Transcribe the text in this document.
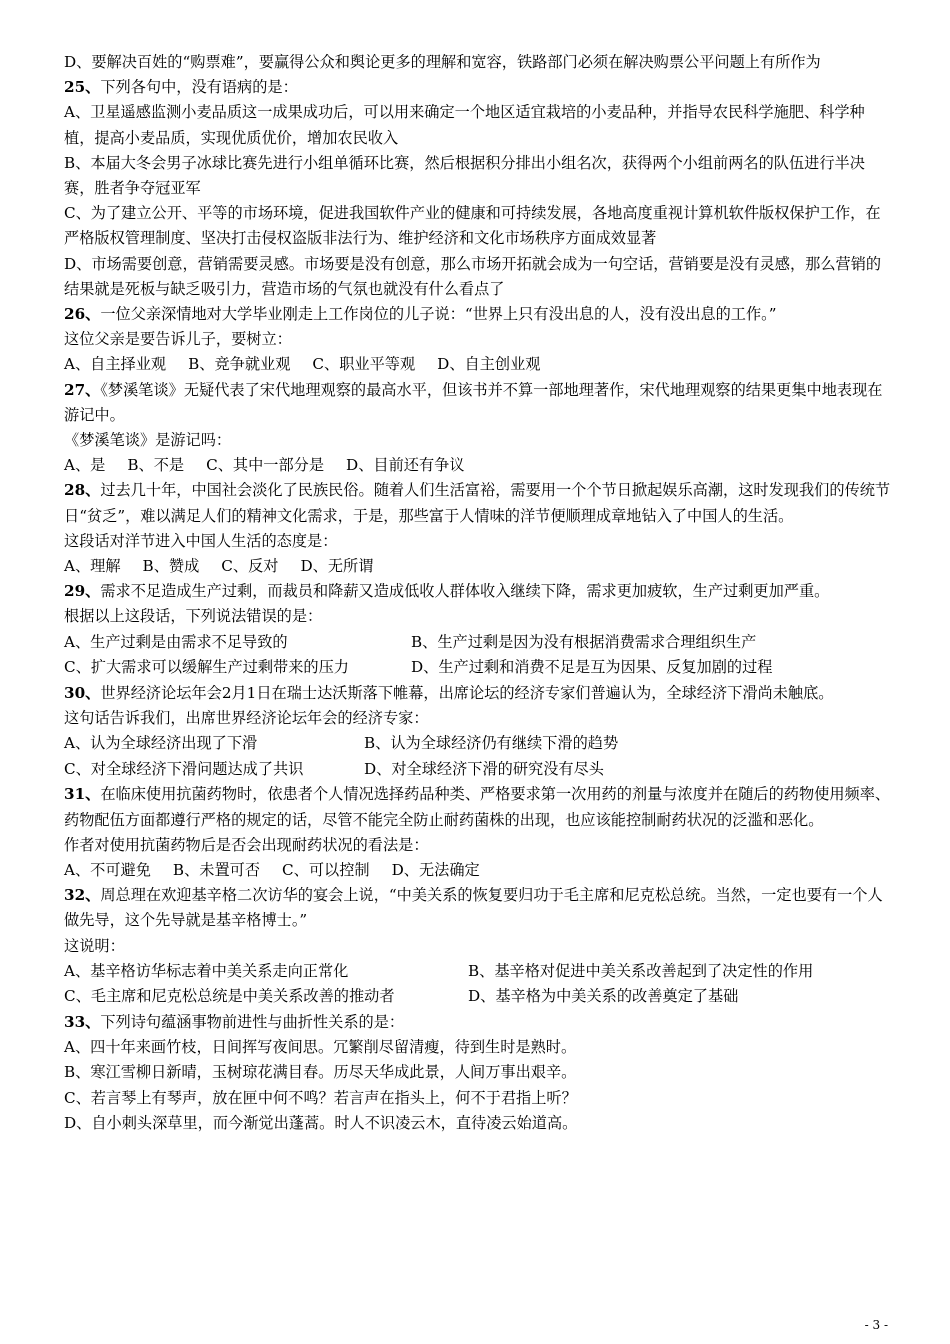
D、要解决百姓的“购票难”，要赢得公众和舆论更多的理解和宽容，铁路部门必须在解决购票公平问题上有所作为

25、下列各句中，没有语病的是：

A、卫星遥感监测小麦品质这一成果成功后，可以用来确定一个地区适宜栽培的小麦品种，并指导农民科学施肥、科学种植，提高小麦品质，实现优质优价，增加农民收入

B、本届大冬会男子冰球比赛先进行小组单循环比赛，然后根据积分排出小组名次，获得两个小组前两名的队伍进行半决赛，胜者争夺冠亚军

C、为了建立公开、平等的市场环境，促进我国软件产业的健康和可持续发展，各地高度重视计算机软件版权保护工作，在严格版权管理制度、坚决打击侵权盗版非法行为、维护经济和文化市场秩序方面成效显著

D、市场需要创意，营销需要灵感。市场要是没有创意，那么市场开拓就会成为一句空话，营销要是没有灵感，那么营销的结果就是死板与缺乏吸引力，营造市场的气氛也就没有什么看点了

26、一位父亲深情地对大学毕业刚走上工作岗位的儿子说：“世界上只有没出息的人，没有没出息的工作。”

这位父亲是要告诉儿子，要树立：

A、自主择业观 B、竞争就业观 C、职业平等观 D、自主创业观

27、《梦溪笔谈》无疑代表了宋代地理观察的最高水平，但该书并不算一部地理著作，宋代地理观察的结果更集中地表现在游记中。

《梦溪笔谈》是游记吗：

A、是 B、不是 C、其中一部分是 D、目前还有争议

28、过去几十年，中国社会淡化了民族民俗。随着人们生活富裕，需要用一个个节日掀起娱乐高潮，这时发现我们的传统节日“贫乏”，难以满足人们的精神文化需求，于是，那些富于人情味的洋节便顺理成章地钻入了中国人的生活。

这段话对洋节进入中国人生活的态度是：

A、理解 B、赞成 C、反对 D、无所谓

29、需求不足造成生产过剩，而裁员和降薪又造成低收人群体收入继续下降，需求更加疲软，生产过剩更加严重。

根据以上这段话，下列说法错误的是：

A、生产过剩是由需求不足导致的	B、生产过剩是因为没有根据消费需求合理组织生产
C、扩大需求可以缓解生产过剩带来的压力	D、生产过剩和消费不足是互为因果、反复加剧的过程

30、世界经济论坛年会2月1日在瑞士达沃斯落下帷幕，出席论坛的经济专家们普遍认为，全球经济下滑尚未触底。

这句话告诉我们，出席世界经济论坛年会的经济专家：

A、认为全球经济出现了下滑	B、认为全球经济仍有继续下滑的趋势
C、对全球经济下滑问题达成了共识	D、对全球经济下滑的研究没有尽头

31、在临床使用抗菌药物时，依患者个人情况选择药品种类、严格要求第一次用药的剂量与浓度并在随后的药物使用频率、药物配伍方面都遵行严格的规定的话，尽管不能完全防止耐药菌株的出现，也应该能控制耐药状况的泛滥和恶化。

作者对使用抗菌药物后是否会出现耐药状况的看法是：

A、不可避免 B、未置可否 C、可以控制 D、无法确定

32、周总理在欢迎基辛格二次访华的宴会上说，“中美关系的恢复要归功于毛主席和尼克松总统。当然，一定也要有一个人做先导，这个先导就是基辛格博士。”

这说明：

A、基辛格访华标志着中美关系走向正常化	B、基辛格对促进中美关系改善起到了决定性的作用
C、毛主席和尼克松总统是中美关系改善的推动者	D、基辛格为中美关系的改善奠定了基础

33、下列诗句蕴涵事物前进性与曲折性关系的是：

A、四十年来画竹枝，日间挥写夜间思。冗繁削尽留清瘦，待到生时是熟时。

B、寒江雪柳日新晴，玉树琼花满目春。历尽天华成此景，人间万事出艰辛。

C、若言琴上有琴声，放在匣中何不鸣？若言声在指头上，何不于君指上听？

D、自小刺头深草里，而今渐觉出蓬蒿。时人不识凌云木，直待凌云始道高。

- 3 -
